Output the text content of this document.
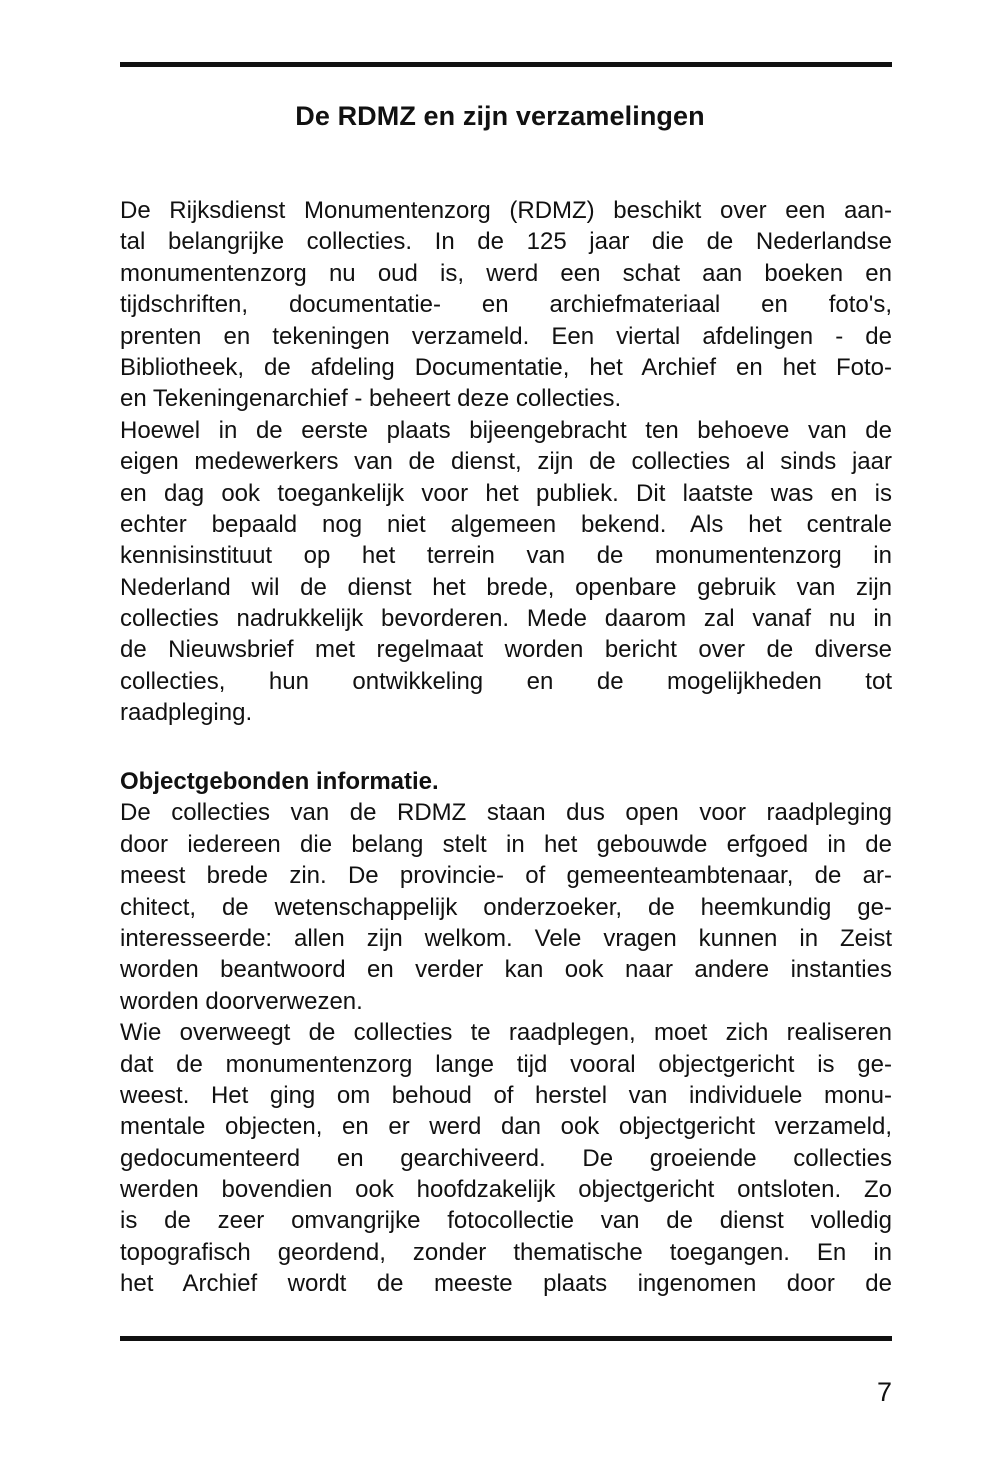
De RDMZ en zijn verzamelingen
De Rijksdienst Monumentenzorg (RDMZ) beschikt over een aan-
tal belangrijke collecties. In de 125 jaar die de Nederlandse
monumentenzorg nu oud is, werd een schat aan boeken en
tijdschriften, documentatie- en archiefmateriaal en foto's,
prenten en tekeningen verzameld. Een viertal afdelingen - de
Bibliotheek, de afdeling Documentatie, het Archief en het Foto-
en Tekeningenarchief - beheert deze collecties.
Hoewel in de eerste plaats bijeengebracht ten behoeve van de
eigen medewerkers van de dienst, zijn de collecties al sinds jaar
en dag ook toegankelijk voor het publiek. Dit laatste was en is
echter bepaald nog niet algemeen bekend. Als het centrale
kennisinstituut op het terrein van de monumentenzorg in
Nederland wil de dienst het brede, openbare gebruik van zijn
collecties nadrukkelijk bevorderen. Mede daarom zal vanaf nu in
de Nieuwsbrief met regelmaat worden bericht over de diverse
collecties, hun ontwikkeling en de mogelijkheden tot
raadpleging.
Objectgebonden informatie.
De collecties van de RDMZ staan dus open voor raadpleging
door iedereen die belang stelt in het gebouwde erfgoed in de
meest brede zin. De provincie- of gemeenteambtenaar, de ar-
chitect, de wetenschappelijk onderzoeker, de heemkundig ge-
interesseerde: allen zijn welkom. Vele vragen kunnen in Zeist
worden beantwoord en verder kan ook naar andere instanties
worden doorverwezen.
Wie overweegt de collecties te raadplegen, moet zich realiseren
dat de monumentenzorg lange tijd vooral objectgericht is ge-
weest. Het ging om behoud of herstel van individuele monu-
mentale objecten, en er werd dan ook objectgericht verzameld,
gedocumenteerd en gearchiveerd. De groeiende collecties
werden bovendien ook hoofdzakelijk objectgericht ontsloten. Zo
is de zeer omvangrijke fotocollectie van de dienst volledig
topografisch geordend, zonder thematische toegangen. En in
het Archief wordt de meeste plaats ingenomen door de
7
